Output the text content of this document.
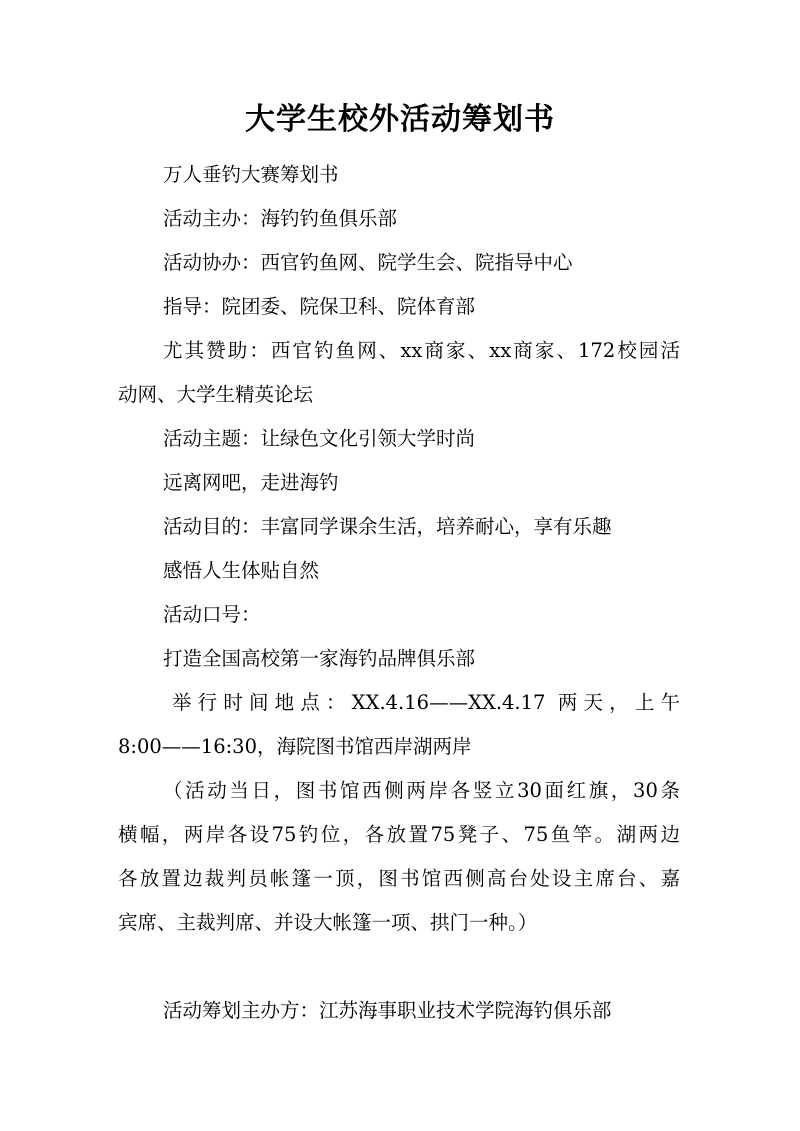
大学生校外活动筹划书
万人垂钓大赛筹划书
活动主办：海钓钓鱼俱乐部
活动协办：西官钓鱼网、院学生会、院指导中心
指导：院团委、院保卫科、院体育部
尤其赞助：西官钓鱼网、xx商家、xx商家、172校园活
动网、大学生精英论坛
活动主题：让绿色文化引领大学时尚
远离网吧，走进海钓
活动目的：丰富同学课余生活，培养耐心，享有乐趣
感悟人生体贴自然
活动口号：
打造全国高校第一家海钓品牌俱乐部
举行时间地点：XX.4.16——XX.4.17 两天，上午
8:00——16:30，海院图书馆西岸湖两岸
（活动当日，图书馆西侧两岸各竖立30面红旗，30条
横幅，两岸各设75钓位，各放置75凳子、75鱼竿。湖两边
各放置边裁判员帐篷一顶，图书馆西侧高台处设主席台、嘉
宾席、主裁判席、并设大帐篷一项、拱门一种。）
活动筹划主办方：江苏海事职业技术学院海钓俱乐部
